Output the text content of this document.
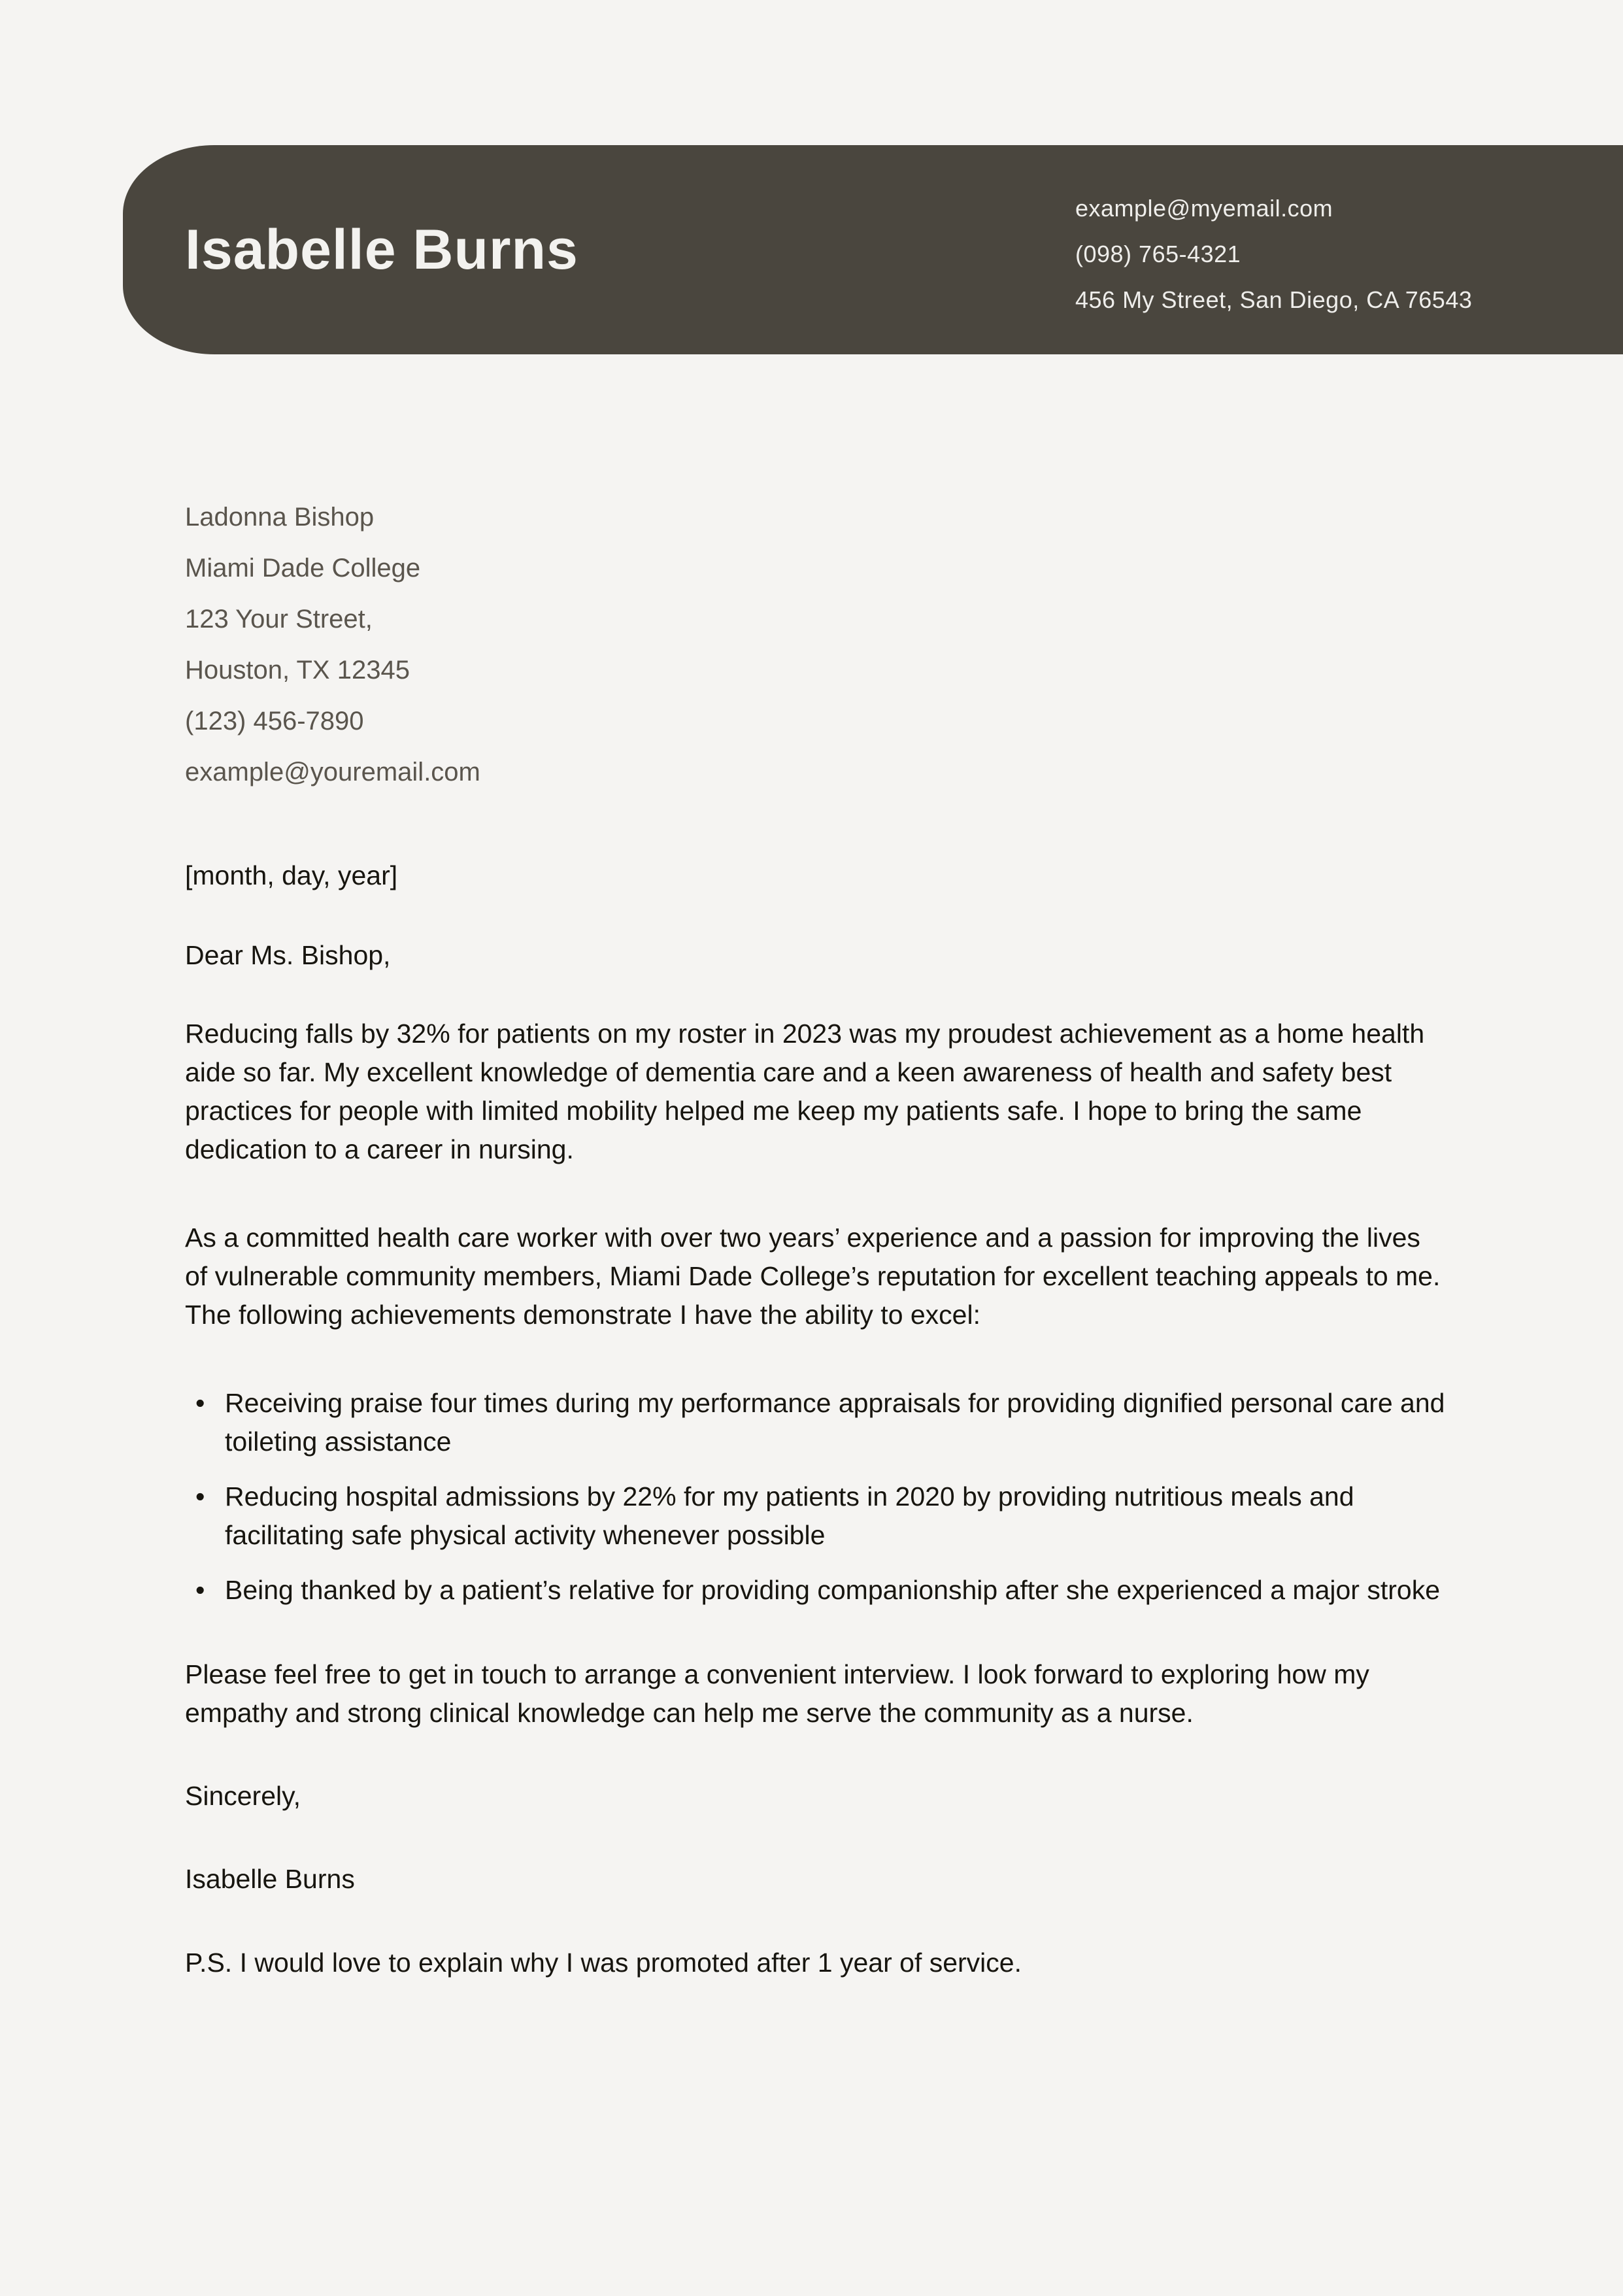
Isabelle Burns
example@myemail.com
(098) 765-4321
456 My Street, San Diego, CA 76543
Ladonna Bishop
Miami Dade College
123 Your Street,
Houston, TX 12345
(123) 456-7890
example@youremail.com
[month, day, year]
Dear Ms. Bishop,

Reducing falls by 32% for patients on my roster in 2023 was my proudest achievement as a home health aide so far. My excellent knowledge of dementia care and a keen awareness of health and safety best practices for people with limited mobility helped me keep my patients safe. I hope to bring the same dedication to a career in nursing.

As a committed health care worker with over two years’ experience and a passion for improving the lives of vulnerable community members, Miami Dade College’s reputation for excellent teaching appeals to me. The following achievements demonstrate I have the ability to excel:

• Receiving praise four times during my performance appraisals for providing dignified personal care and toileting assistance
• Reducing hospital admissions by 22% for my patients in 2020 by providing nutritious meals and facilitating safe physical activity whenever possible
• Being thanked by a patient’s relative for providing companionship after she experienced a major stroke

Please feel free to get in touch to arrange a convenient interview. I look forward to exploring how my empathy and strong clinical knowledge can help me serve the community as a nurse.

Sincerely,
Isabelle Burns
P.S. I would love to explain why I was promoted after 1 year of service.
